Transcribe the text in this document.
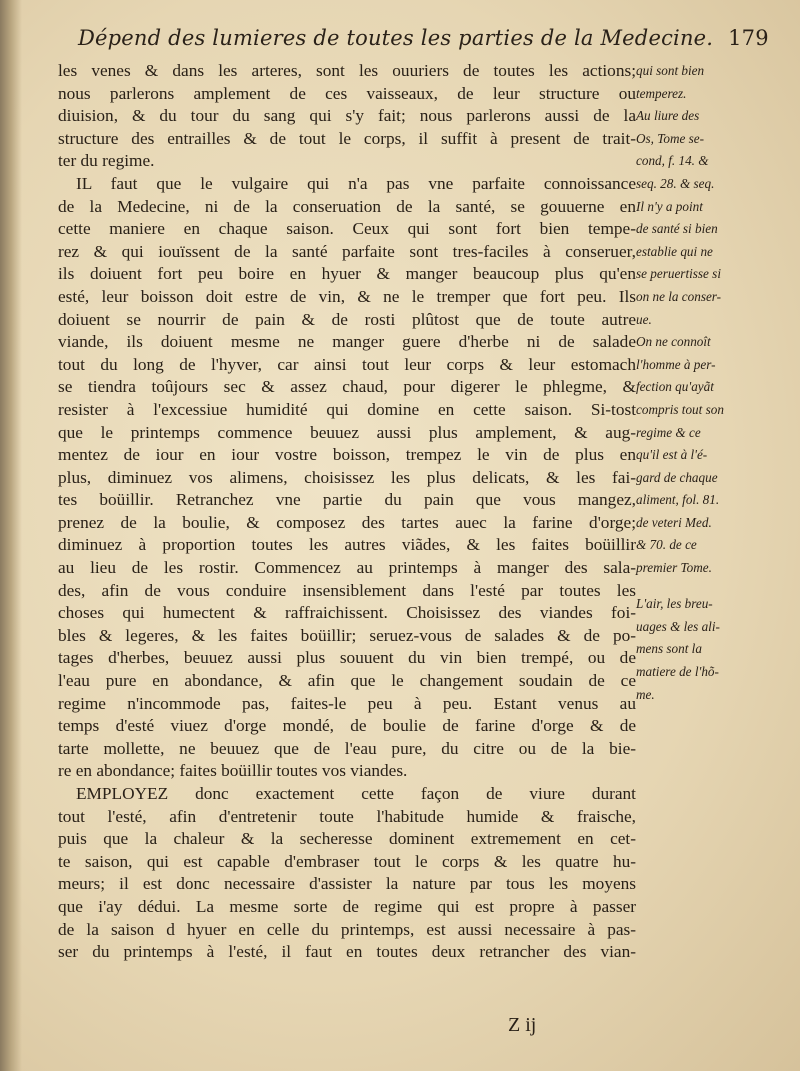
Dépend des lumieres de toutes les parties de la Medecine. 179
les venes & dans les arteres, sont les ouuriers de toutes les actions;
nous parlerons amplement de ces vaisseaux, de leur structure ou
diuision, & du tour du sang qui s'y fait; nous parlerons aussi de la
structure des entrailles & de tout le corps, il suffit à present de trait-
ter du regime.
IL faut que le vulgaire qui n'a pas vne parfaite connoissance
de la Medecine, ni de la conseruation de la santé, se gouuerne en
cette maniere en chaque saison. Ceux qui sont fort bien tempe-
rez & qui iouïssent de la santé parfaite sont tres-faciles à conseruer,
ils doiuent fort peu boire en hyuer & manger beaucoup plus qu'en
esté, leur boisson doit estre de vin, & ne le tremper que fort peu. Ils
doiuent se nourrir de pain & de rosti plûtost que de toute autre
viande, ils doiuent mesme ne manger guere d'herbe ni de salade
tout du long de l'hyver, car ainsi tout leur corps & leur estomach
se tiendra toûjours sec & assez chaud, pour digerer le phlegme, &
resister à l'excessiue humidité qui domine en cette saison. Si-tost
que le printemps commence beuuez aussi plus amplement, & aug-
mentez de iour en iour vostre boisson, trempez le vin de plus en
plus, diminuez vos alimens, choisissez les plus delicats, & les fai-
tes boüillir. Retranchez vne partie du pain que vous mangez,
prenez de la boulie, & composez des tartes auec la farine d'orge;
diminuez à proportion toutes les autres viãdes, & les faites boüillir
au lieu de les rostir. Commencez au printemps à manger des sala-
des, afin de vous conduire insensiblement dans l'esté par toutes les
choses qui humectent & raffraichissent. Choisissez des viandes foi-
bles & legeres, & les faites boüillir; seruez-vous de salades & de po-
tages d'herbes, beuuez aussi plus souuent du vin bien trempé, ou de
l'eau pure en abondance, & afin que le changement soudain de ce
regime n'incommode pas, faites-le peu à peu. Estant venus au
temps d'esté viuez d'orge mondé, de boulie de farine d'orge & de
tarte mollette, ne beuuez que de l'eau pure, du citre ou de la bie-
re en abondance; faites boüillir toutes vos viandes.
EMPLOYEZ donc exactement cette façon de viure durant
tout l'esté, afin d'entretenir toute l'habitude humide & fraische,
puis que la chaleur & la secheresse dominent extremement en cet-
te saison, qui est capable d'embraser tout le corps & les quatre hu-
meurs; il est donc necessaire d'assister la nature par tous les moyens
que i'ay dédui. La mesme sorte de regime qui est propre à passer
de la saison d hyuer en celle du printemps, est aussi necessaire à pas-
ser du printemps à l'esté, il faut en toutes deux retrancher des vian-
qui sont bien
temperez.
Au liure des
Os, Tome se-
cond, f. 14. &
seq. 28. & seq.
Il n'y a point
de santé si bien
establie qui ne
se peruertisse si
on ne la conser-
ue.
On ne connoît
l'homme à per-
fection qu'ayãt
compris tout son
regime & ce
qu'il est à l'é-
gard de chaque
aliment, fol. 81.
de veteri Med.
& 70. de ce
premier Tome.
L'air, les breu-
uages & les ali-
mens sont la
matiere de l'hõ-
me.
Z ij
